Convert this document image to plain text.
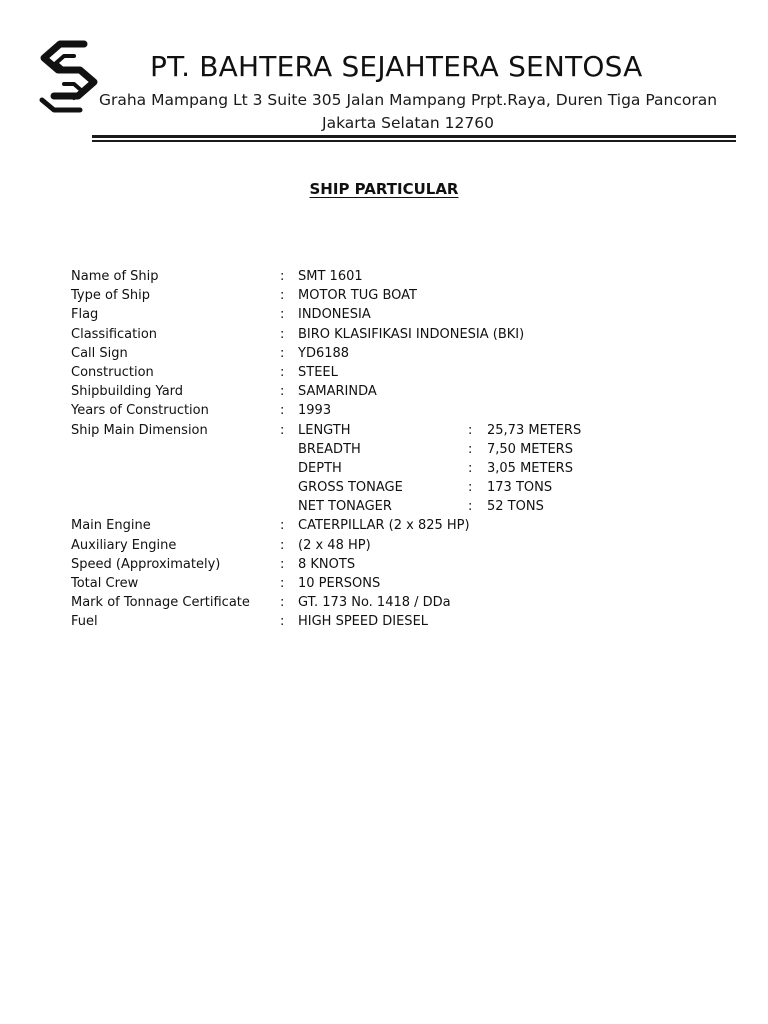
PT. BAHTERA SEJAHTERA SENTOSA
Graha Mampang Lt 3 Suite 305 Jalan Mampang Prpt.Raya, Duren Tiga Pancoran
Jakarta Selatan 12760
SHIP PARTICULAR
Name of Ship	: SMT 1601
Type of Ship	: MOTOR TUG BOAT
Flag	: INDONESIA
Classification	: BIRO KLASIFIKASI INDONESIA (BKI)
Call Sign	: YD6188
Construction	: STEEL
Shipbuilding Yard	: SAMARINDA
Years of Construction	: 1993
Ship Main Dimension	: LENGTH	: 25,73 METERS
BREADTH	: 7,50 METERS
DEPTH	: 3,05 METERS
GROSS TONAGE	: 173 TONS
NET TONAGER	: 52 TONS
Main Engine	: CATERPILLAR (2 x 825 HP)
Auxiliary Engine	: (2 x 48 HP)
Speed (Approximately)	: 8 KNOTS
Total Crew	: 10 PERSONS
Mark of Tonnage Certificate : GT. 173 No. 1418 / DDa
Fuel	: HIGH SPEED DIESEL
